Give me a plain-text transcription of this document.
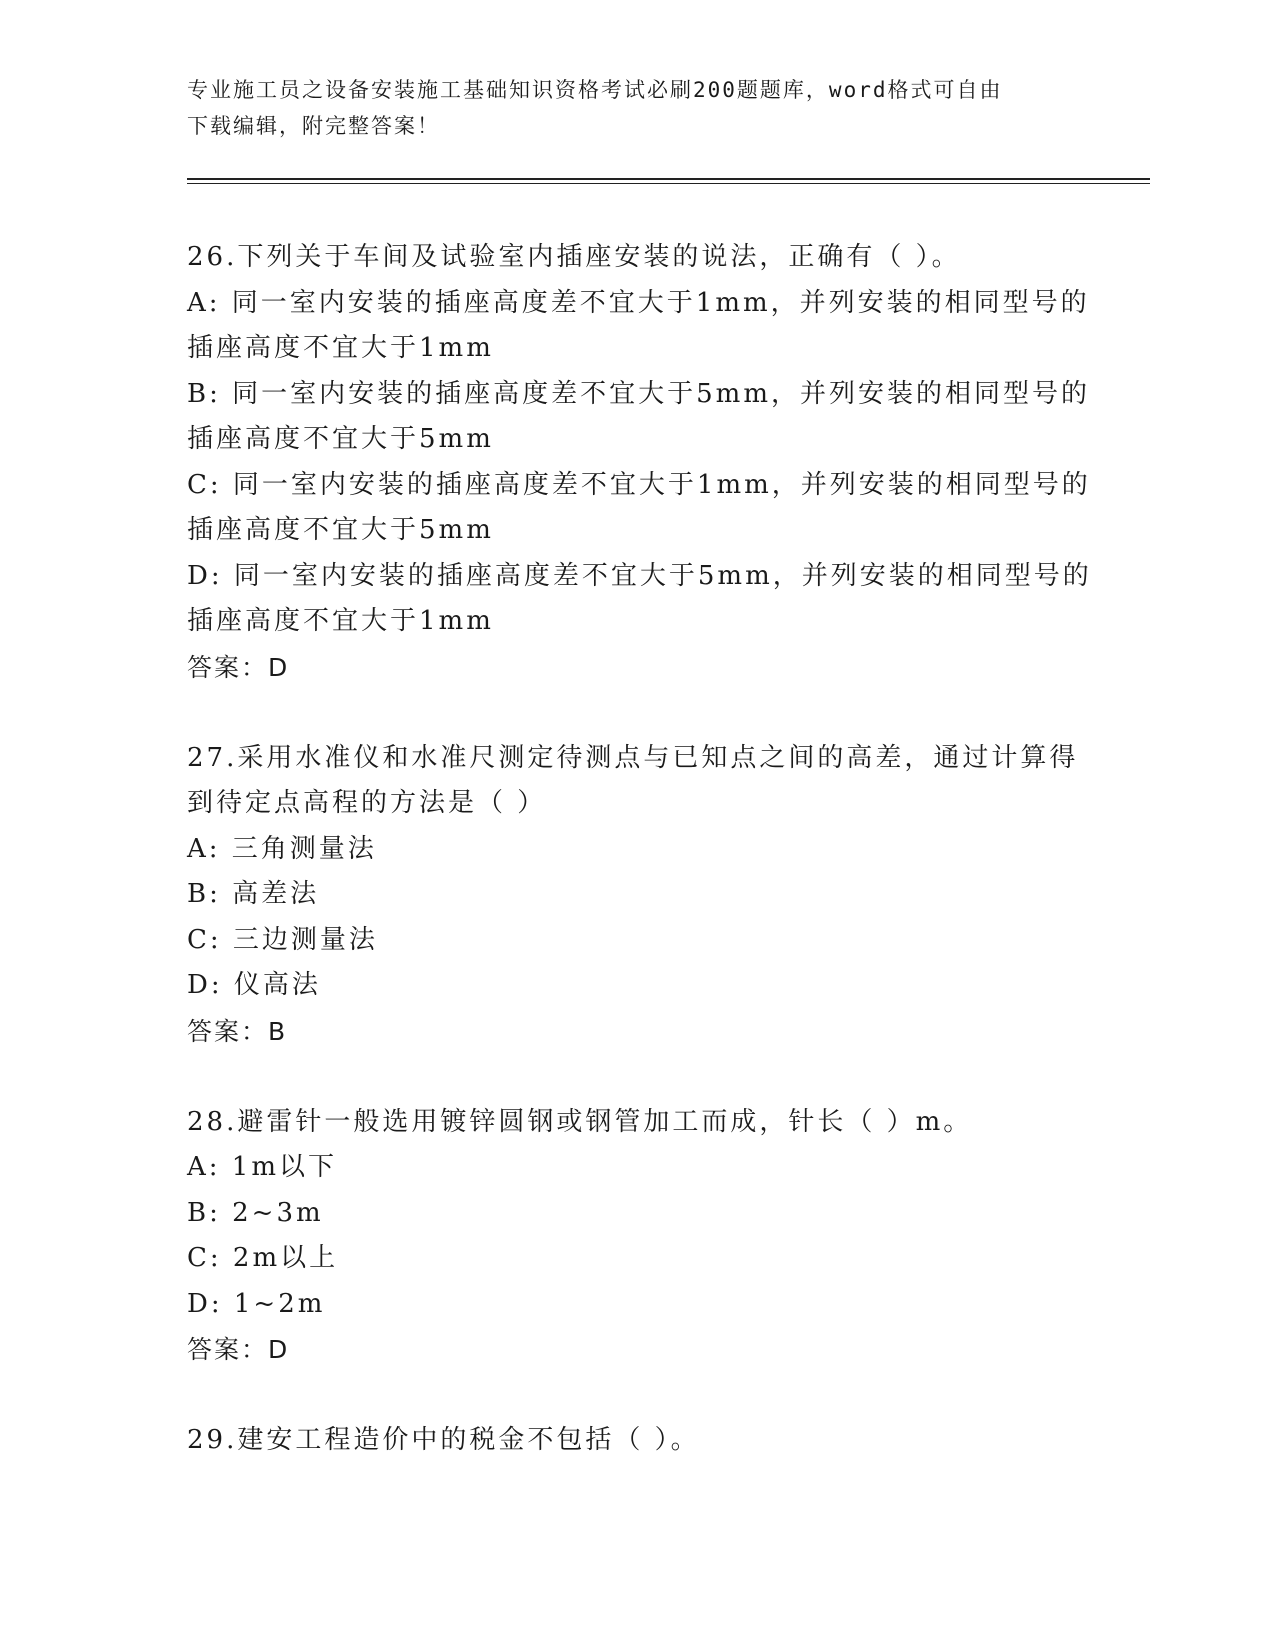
专业施工员之设备安装施工基础知识资格考试必刷200题题库，word格式可自由
下载编辑，附完整答案！
26.下列关于车间及试验室内插座安装的说法，正确有（ ）。
A: 同一室内安装的插座高度差不宜大于1mm，并列安装的相同型号的
插座高度不宜大于1mm
B: 同一室内安装的插座高度差不宜大于5mm，并列安装的相同型号的
插座高度不宜大于5mm
C: 同一室内安装的插座高度差不宜大于1mm，并列安装的相同型号的
插座高度不宜大于5mm
D: 同一室内安装的插座高度差不宜大于5mm，并列安装的相同型号的
插座高度不宜大于1mm
答案：D
27.采用水准仪和水准尺测定待测点与已知点之间的高差，通过计算得
到待定点高程的方法是（ ）
A: 三角测量法
B: 高差法
C: 三边测量法
D: 仪高法
答案：B
28.避雷针一般选用镀锌圆钢或钢管加工而成，针长（ ）m。
A: 1m以下
B: 2~3m
C: 2m以上
D: 1~2m
答案：D
29.建安工程造价中的税金不包括（ ）。
